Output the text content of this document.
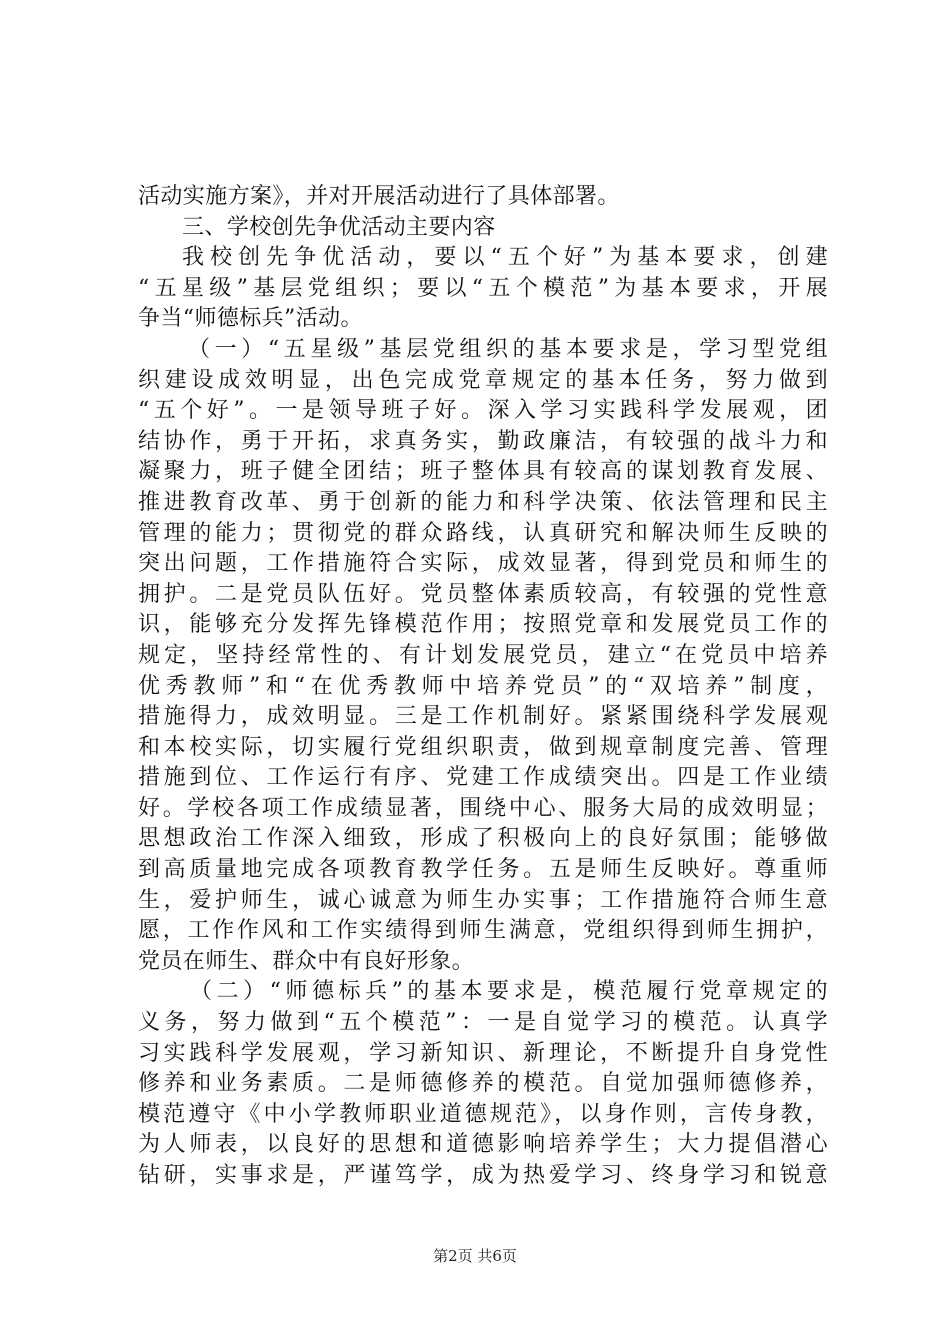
活动实施方案》，并对开展活动进行了具体部署。
三、学校创先争优活动主要内容
我校创先争优活动，要以“五个好”为基本要求，创建
“五星级”基层党组织；要以“五个模范”为基本要求，开展
争当“师德标兵”活动。
（一）“五星级”基层党组织的基本要求是，学习型党组
织建设成效明显，出色完成党章规定的基本任务，努力做到
“五个好”。一是领导班子好。深入学习实践科学发展观，团
结协作，勇于开拓，求真务实，勤政廉洁，有较强的战斗力和
凝聚力，班子健全团结；班子整体具有较高的谋划教育发展、
推进教育改革、勇于创新的能力和科学决策、依法管理和民主
管理的能力；贯彻党的群众路线，认真研究和解决师生反映的
突出问题，工作措施符合实际，成效显著，得到党员和师生的
拥护。二是党员队伍好。党员整体素质较高，有较强的党性意
识，能够充分发挥先锋模范作用；按照党章和发展党员工作的
规定，坚持经常性的、有计划发展党员，建立“在党员中培养
优秀教师”和“在优秀教师中培养党员”的“双培养”制度，
措施得力，成效明显。三是工作机制好。紧紧围绕科学发展观
和本校实际，切实履行党组织职责，做到规章制度完善、管理
措施到位、工作运行有序、党建工作成绩突出。四是工作业绩
好。学校各项工作成绩显著，围绕中心、服务大局的成效明显；
思想政治工作深入细致，形成了积极向上的良好氛围；能够做
到高质量地完成各项教育教学任务。五是师生反映好。尊重师
生，爱护师生，诚心诚意为师生办实事；工作措施符合师生意
愿，工作作风和工作实绩得到师生满意，党组织得到师生拥护，
党员在师生、群众中有良好形象。
（二）“师德标兵”的基本要求是，模范履行党章规定的
义务，努力做到“五个模范”：一是自觉学习的模范。认真学
习实践科学发展观，学习新知识、新理论，不断提升自身党性
修养和业务素质。二是师德修养的模范。自觉加强师德修养，
模范遵守《中小学教师职业道德规范》，以身作则，言传身教，
为人师表，以良好的思想和道德影响培养学生；大力提倡潜心
钻研，实事求是，严谨笃学，成为热爱学习、终身学习和锐意
第2页 共6页
